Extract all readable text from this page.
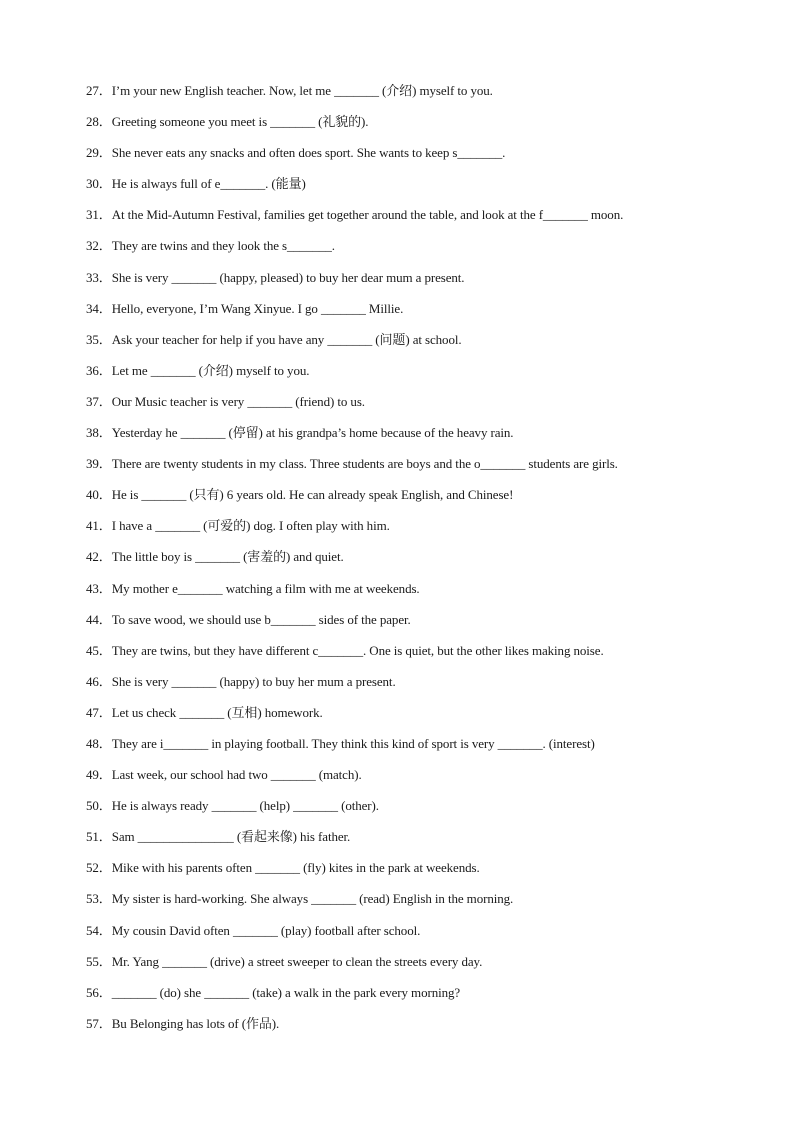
27．I’m your new English teacher. Now, let me _______ (介绍) myself to you.
28．Greeting someone you meet is _______ (礼貌的).
29．She never eats any snacks and often does sport. She wants to keep s_______.
30．He is always full of e_______. (能量)
31．At the Mid-Autumn Festival, families get together around the table, and look at the f_______ moon.
32．They are twins and they look the s_______.
33．She is very _______ (happy, pleased) to buy her dear mum a present.
34．Hello, everyone, I’m Wang Xinyue. I go _______ Millie.
35．Ask your teacher for help if you have any _______ (问题) at school.
36．Let me _______ (介绍) myself to you.
37．Our Music teacher is very _______ (friend) to us.
38．Yesterday he _______ (停留) at his grandpa’s home because of the heavy rain.
39．There are twenty students in my class. Three students are boys and the o_______ students are girls.
40．He is _______ (只有) 6 years old. He can already speak English, and Chinese!
41．I have a _______ (可爱的) dog. I often play with him.
42．The little boy is _______ (害羞的) and quiet.
43．My mother e_______ watching a film with me at weekends.
44．To save wood, we should use b_______ sides of the paper.
45．They are twins, but they have different c_______. One is quiet, but the other likes making noise.
46．She is very _______ (happy) to buy her mum a present.
47．Let us check _______ (互相) homework.
48．They are i_______ in playing football. They think this kind of sport is very _______. (interest)
49．Last week, our school had two _______ (match).
50．He is always ready _______ (help) _______ (other).
51．Sam _______________ (看起来像) his father.
52．Mike with his parents often _______ (fly) kites in the park at weekends.
53．My sister is hard-working. She always _______ (read) English in the morning.
54．My cousin David often _______ (play) football after school.
55．Mr. Yang _______ (drive) a street sweeper to clean the streets every day.
56．_______ (do) she _______ (take) a walk in the park every morning?
57．Bu Belonging has lots of (作品).
